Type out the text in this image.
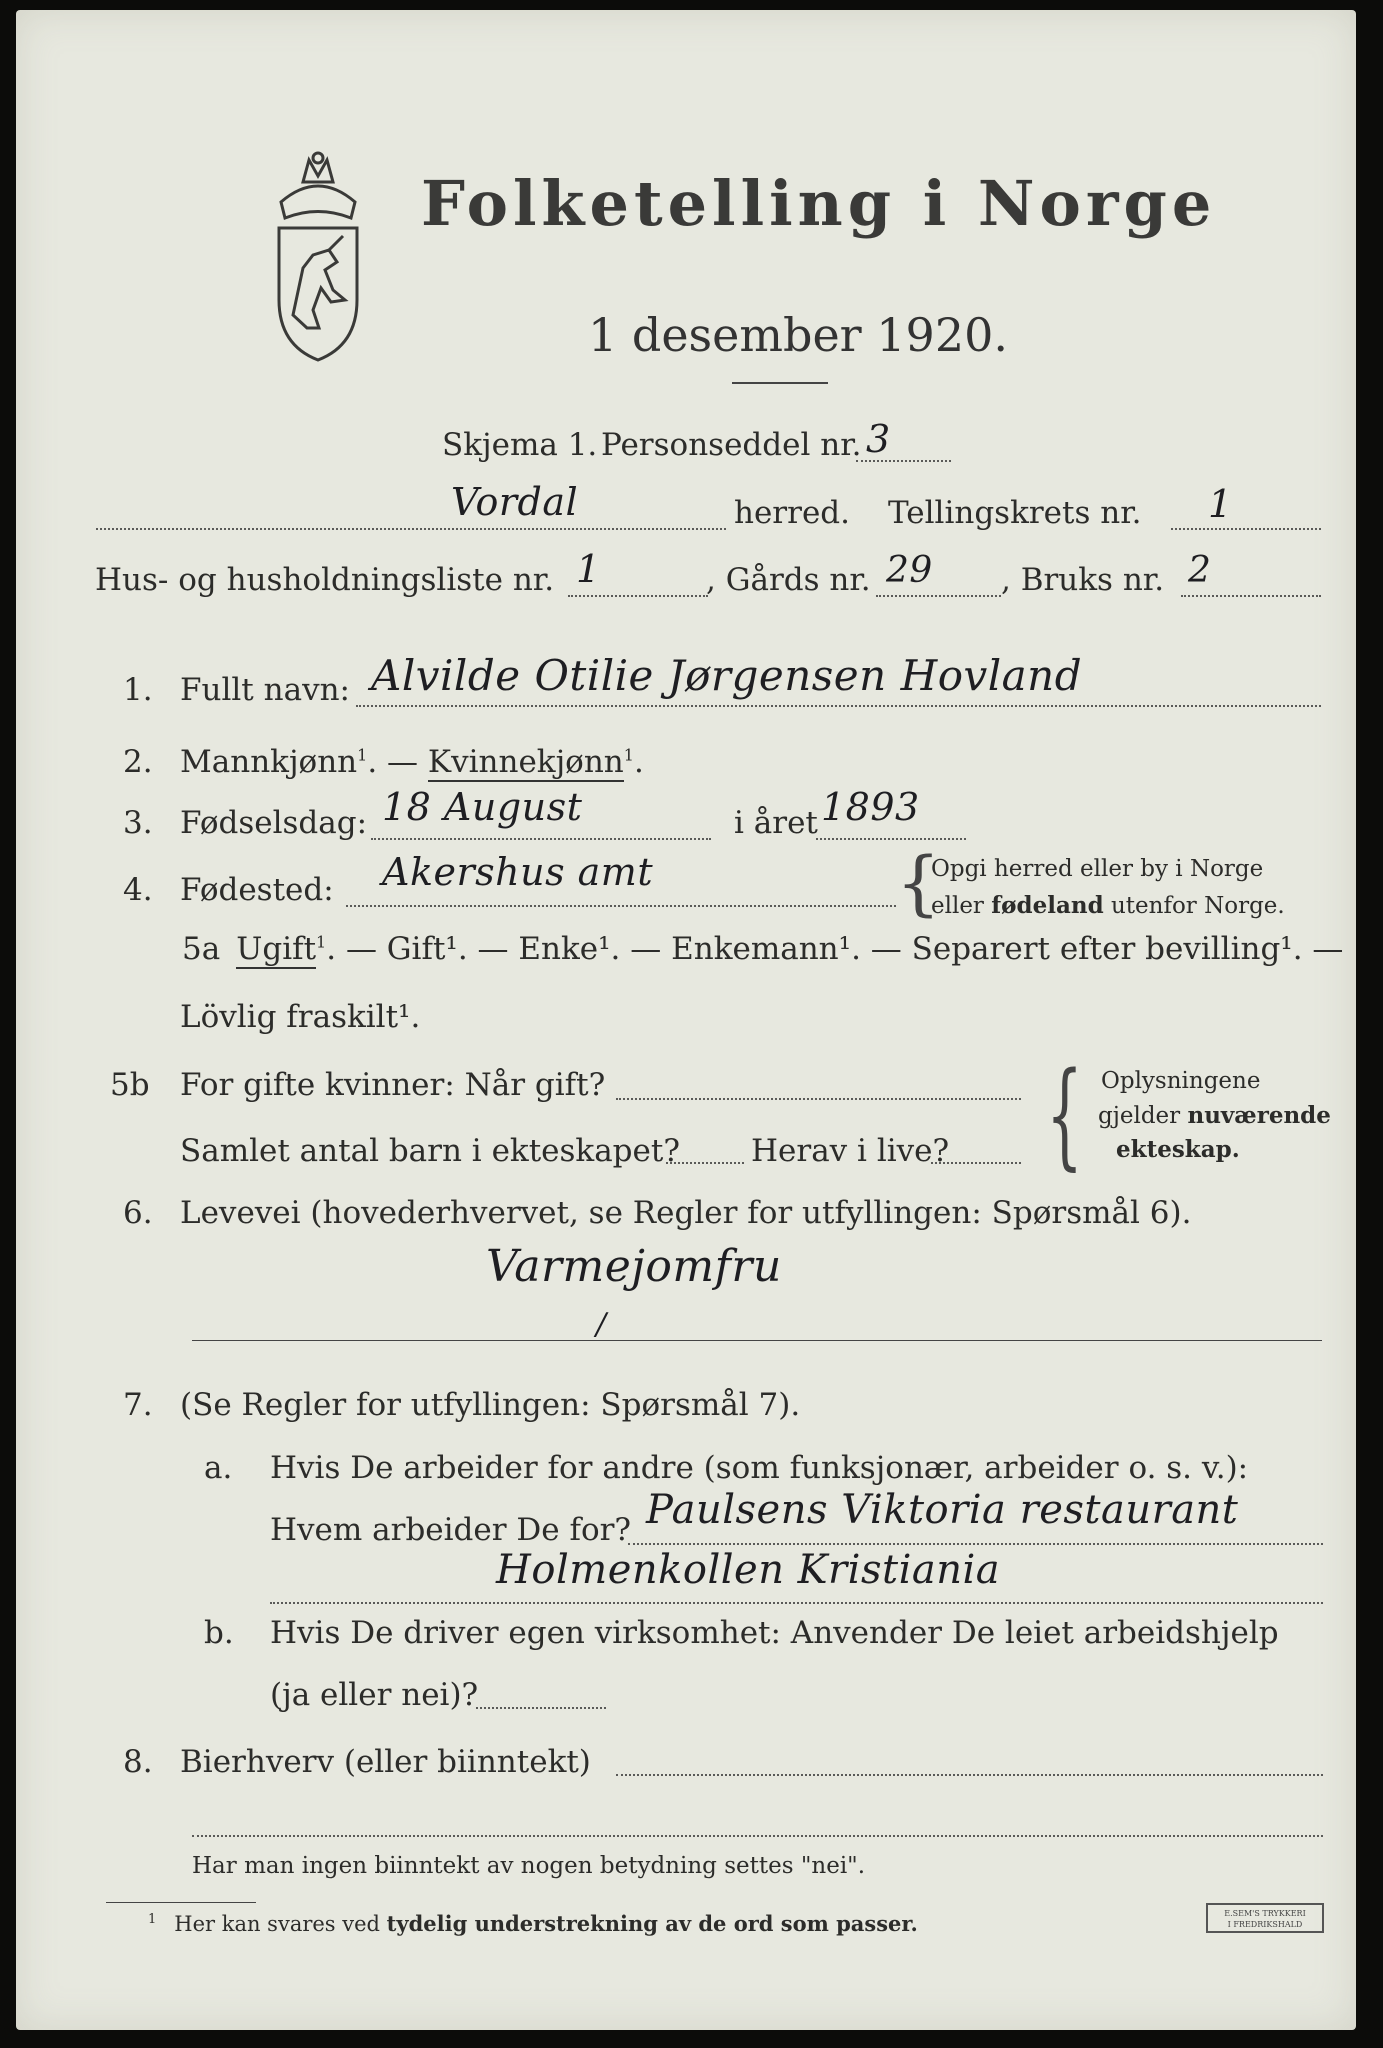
Folketelling i Norge
1 desember 1920.
Skjema 1. Personseddel nr. 3
Vordal	herred. Tellingskrets nr. 1
Hus- og husholdningsliste nr. 1	, Gårds nr. 29 , Bruks nr. 2
1. Fullt navn: Alvilde Otilie Jørgensen Hovland
2. Mannkjønn$^1$. — Kvinnekjønn$^1$.
3. Fødselsdag: 18 August	i året 1893
4. Fødested: Akershus amt	{
Opgi herred eller by i Norge
eller fødeland utenfor Norge.
5a Ugift$^1$. — Gift¹. — Enke¹. — Enkemann¹. — Separert efter bevilling¹. —
Lövlig fraskilt¹.
5b For gifte kvinner: Når gift?
Samlet antal barn i ekteskapet? Herav i live? { Oplysningene
gjelder nuværende
ekteskap.
6. Levevei (hovederhvervet, se Regler for utfyllingen: Spørsmål 6).
Varmejomfru
/
7. (Se Regler for utfyllingen: Spørsmål 7).
a. Hvis De arbeider for andre (som funksjonær, arbeider o. s. v.):
Hvem arbeider De for? Paulsens Viktoria restaurant
Holmenkollen Kristiania
b. Hvis De driver egen virksomhet: Anvender De leiet arbeidshjelp
(ja eller nei)?
8. Bierhverv (eller biinntekt)
Har man ingen biinntekt av nogen betydning settes "nei".
$^1$ Her kan svares ved tydelig understrekning av de ord som passer.	E.SEM'S TRYKKERI
I FREDRIKSHALD
